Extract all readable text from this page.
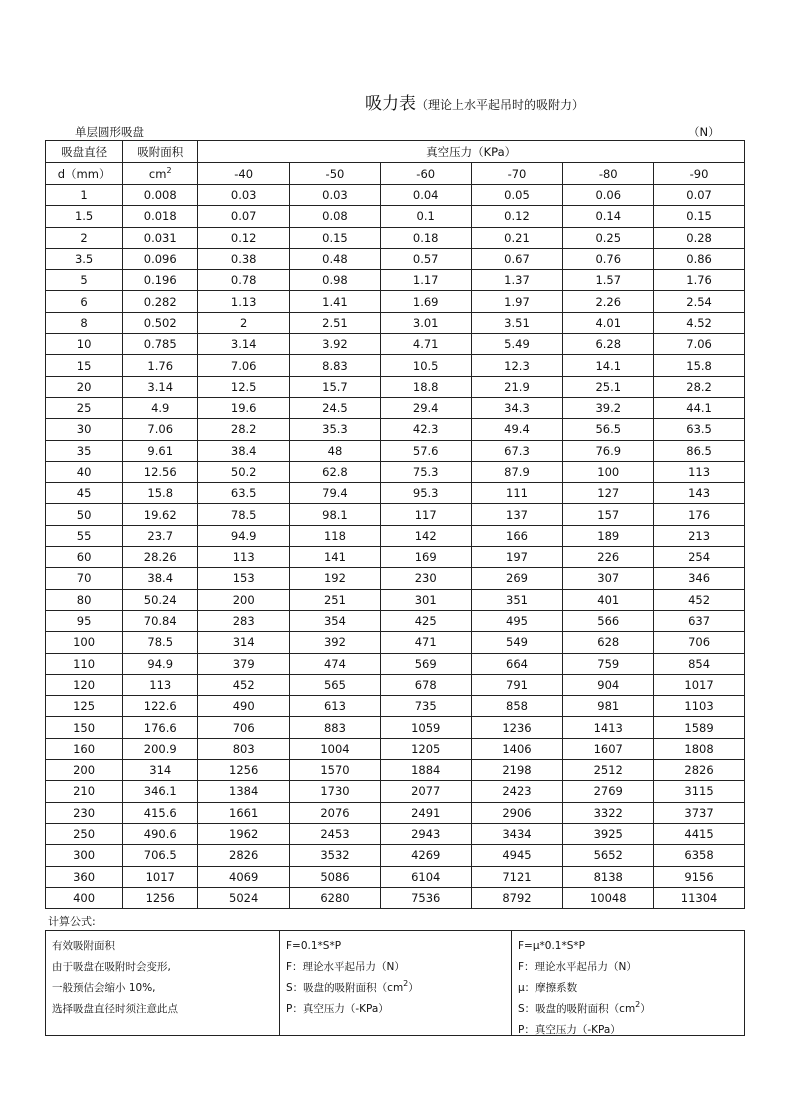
吸力表（理论上水平起吊时的吸附力）
单层圆形吸盘	（N）
吸盘直径	吸附面积	真空压力（KPa）					
d（mm）	$cm^2$	-40	-50	-60	-70	-80	-90
1	0.008	0.03	0.03	0.04	0.05	0.06	0.07
1.5	0.018	0.07	0.08	0.1	0.12	0.14	0.15
2	0.031	0.12	0.15	0.18	0.21	0.25	0.28
3.5	0.096	0.38	0.48	0.57	0.67	0.76	0.86
5	0.196	0.78	0.98	1.17	1.37	1.57	1.76
6	0.282	1.13	1.41	1.69	1.97	2.26	2.54
8	0.502	2	2.51	3.01	3.51	4.01	4.52
10	0.785	3.14	3.92	4.71	5.49	6.28	7.06
15	1.76	7.06	8.83	10.5	12.3	14.1	15.8
20	3.14	12.5	15.7	18.8	21.9	25.1	28.2
25	4.9	19.6	24.5	29.4	34.3	39.2	44.1
30	7.06	28.2	35.3	42.3	49.4	56.5	63.5
35	9.61	38.4	48	57.6	67.3	76.9	86.5
40	12.56	50.2	62.8	75.3	87.9	100	113
45	15.8	63.5	79.4	95.3	111	127	143
50	19.62	78.5	98.1	117	137	157	176
55	23.7	94.9	118	142	166	189	213
60	28.26	113	141	169	197	226	254
70	38.4	153	192	230	269	307	346
80	50.24	200	251	301	351	401	452
95	70.84	283	354	425	495	566	637
100	78.5	314	392	471	549	628	706
110	94.9	379	474	569	664	759	854
120	113	452	565	678	791	904	1017
125	122.6	490	613	735	858	981	1103
150	176.6	706	883	1059	1236	1413	1589
160	200.9	803	1004	1205	1406	1607	1808
200	314	1256	1570	1884	2198	2512	2826
210	346.1	1384	1730	2077	2423	2769	3115
230	415.6	1661	2076	2491	2906	3322	3737
250	490.6	1962	2453	2943	3434	3925	4415
300	706.5	2826	3532	4269	4945	5652	6358
360	1017	4069	5086	6104	7121	8138	9156
400	1256	5024	6280	7536	8792	10048	11304
计算公式:
有效吸附面积
由于吸盘在吸附时会变形,
一般预估会缩小 10%,
选择吸盘直径时须注意此点
F=0.1*S*P
F：理论水平起吊力（N）
S：吸盘的吸附面积$(cm^2)$
P：真空压力（-KPa）
F=μ*0.1*S*P
F：理论水平起吊力（N）
μ：摩擦系数
S：吸盘的吸附面积$(cm^2)$
P：真空压力（-KPa）
